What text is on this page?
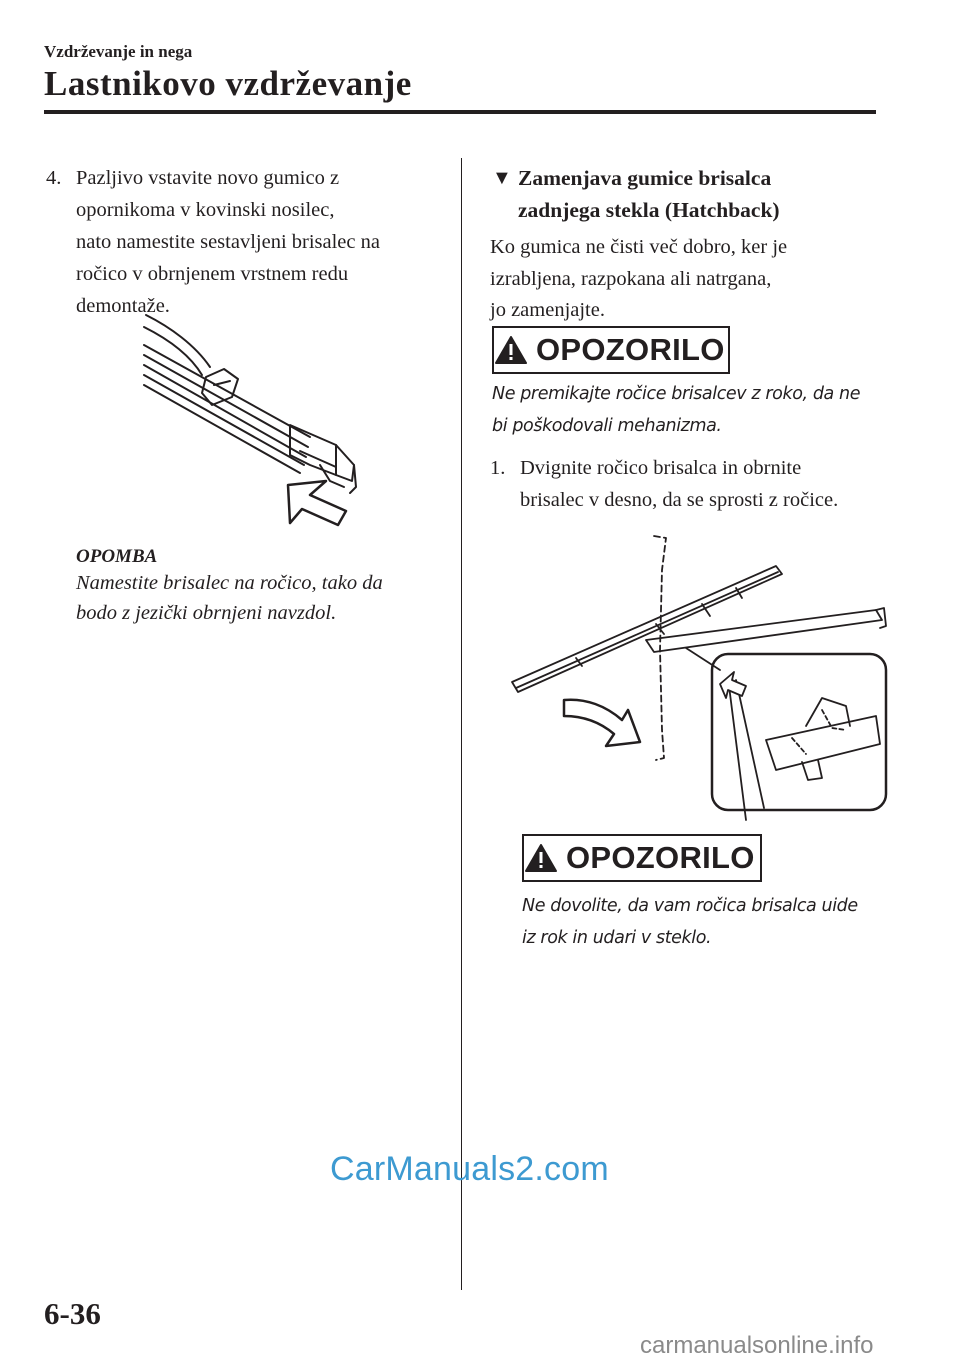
Vzdrževanje in nega
Lastnikovo vzdrževanje
4. Pazljivo vstavite novo gumico z
opornikoma v kovinski nosilec,
nato namestite sestavljeni brisalec na
ročico v obrnjenem vrstnem redu
demontaže.
OPOMBA
Namestite brisalec na ročico, tako da
bodo z jezički obrnjeni navzdol.
▼ Zamenjava gumice brisalca
zadnjega stekla (Hatchback)
Ko gumica ne čisti več dobro, ker je
izrabljena, razpokana ali natrgana,
jo zamenjajte.
OPOZORILO
Ne premikajte ročice brisalcev z roko, da ne
bi poškodovali mehanizma.
1. Dvignite ročico brisalca in obrnite
brisalec v desno, da se sprosti z ročice.
OPOZORILO
Ne dovolite, da vam ročica brisalca uide
iz rok in udari v steklo.
CarManuals2.com
6-36
carmanualsonline.info
